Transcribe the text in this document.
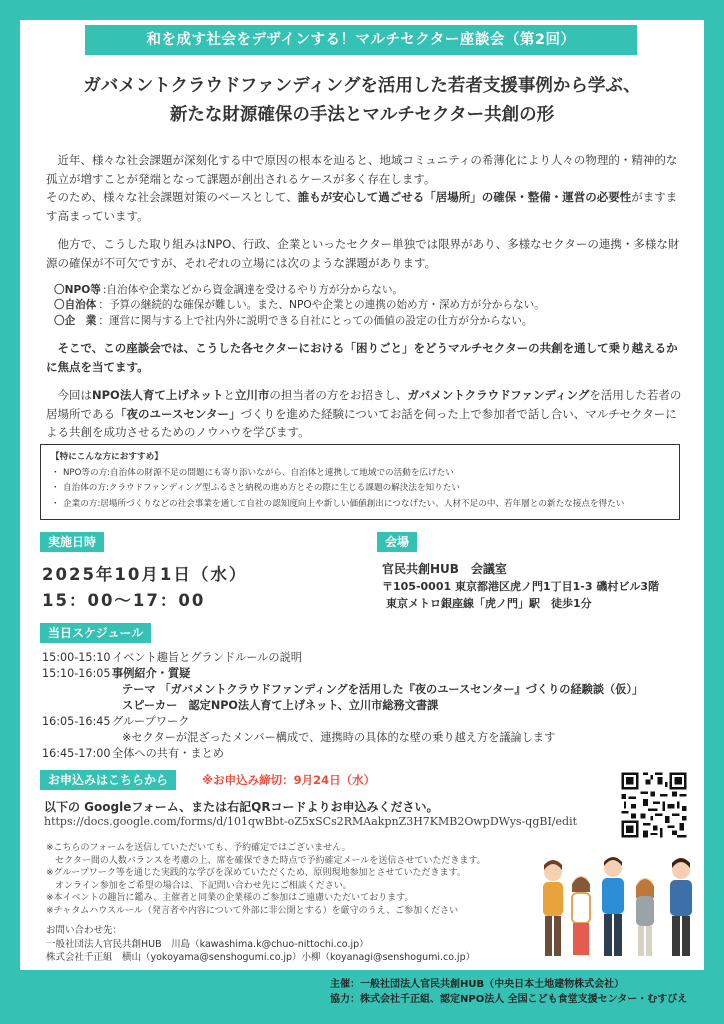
和を成す社会をデザインする！マルチセクター座談会（第2回）
ガバメントクラウドファンディングを活用した若者支援事例から学ぶ、
新たな財源確保の手法とマルチセクター共創の形

近年、様々な社会課題が深刻化する中で原因の根本を辿ると、地域コミュニティの希薄化により人々の物理的・精神的な孤立が増すことが発端となって課題が創出されるケースが多く存在します。
そのため、様々な社会課題対策のベースとして、誰もが安心して過ごせる「居場所」の確保・整備・運営の必要性がますます高まっています。

他方で、こうした取り組みはNPO、行政、企業といったセクター単独では限界があり、多様なセクターの連携・多様な財源の確保が不可欠ですが、それぞれの立場には次のような課題があります。

〇NPO等 :自治体や企業などから資金調達を受けるやり方が分からない。
〇自治体 ：予算の継続的な確保が難しい。また、NPOや企業との連携の始め方・深め方が分からない。
〇企　業 ：運営に関与する上で社内外に説明できる自社にとっての価値の設定の仕方が分からない。

そこで、この座談会では、こうした各セクターにおける「困りごと」をどうマルチセクターの共創を通して乗り越えるかに焦点を当てます。

今回はNPO法人育て上げネットと立川市の担当者の方をお招きし、ガバメントクラウドファンディングを活用した若者の居場所である「夜のユースセンター」づくりを進めた経験についてお話を伺った上で参加者で話し合い、マルチセクターによる共創を成功させるためのノウハウを学びます。

【特にこんな方におすすめ】
・ NPO等の方:自治体の財源不足の問題にも寄り添いながら、自治体と連携して地域での活動を広げたい
・ 自治体の方:クラウドファンディング型ふるさと納税の進め方とその際に生じる課題の解決法を知りたい
・ 企業の方:居場所づくりなどの社会事業を通して自社の認知度向上や新しい価値創出につなげたい、人材不足の中、若年層との新たな接点を得たい
実施日時
2025年10月1日（水）
15：00〜17：00
会場
官民共創HUB　会議室
〒105-0001 東京都港区虎ノ門1丁目1-3 磯村ビル3階
東京メトロ銀座線「虎ノ門」駅　徒歩1分
当日スケジュール
15:00-15:10 イベント趣旨とグランドルールの説明
15:10-16:05 事例紹介・質疑
テーマ 「ガバメントクラウドファンディングを活用した『夜のユースセンター』づくりの経験談（仮）」
スピーカー　認定NPO法人育て上げネット、立川市総務文書課
16:05-16:45 グループワーク
※セクターが混ざったメンバー構成で、連携時の具体的な壁の乗り越え方を議論します
16:45-17:00 全体への共有・まとめ
お申込みはこちらから	※お申込み締切：9月24日（水）
以下の Googleフォーム、または右記QRコードよりお申込みください。
https://docs.google.com/forms/d/101qwBbt-oZ5xSCs2RMAakpnZ3H7KMB2OwpDWys-qgBI/edit
※こちらのフォームを送信していただいても、予約確定ではございません。
　セクター間の人数バランスを考慮の上、席を確保できた時点で予約確定メールを送信させていただきます。
※グループワーク等を通じた実践的な学びを深めていただくため、原則現地参加とさせていただきます。
　オンライン参加をご希望の場合は、下記問い合わせ先にご相談ください。
※本イベントの趣旨に鑑み、主催者と同業の企業様のご参加はご遠慮いただいております。
※チャタムハウスルール（発言者や内容について外部に非公開とする）を厳守のうえ、ご参加ください
お問い合わせ先：
一般社団法人官民共創HUB　川島（kawashima.k@chuo-nittochi.co.jp）
株式会社千正組　横山（yokoyama@senshogumi.co.jp）小柳（koyanagi@senshogumi.co.jp）
主催：一般社団法人官民共創HUB（中央日本土地建物株式会社）
協力：株式会社千正組、認定NPO法人 全国こども食堂支援センター・むすびえ
